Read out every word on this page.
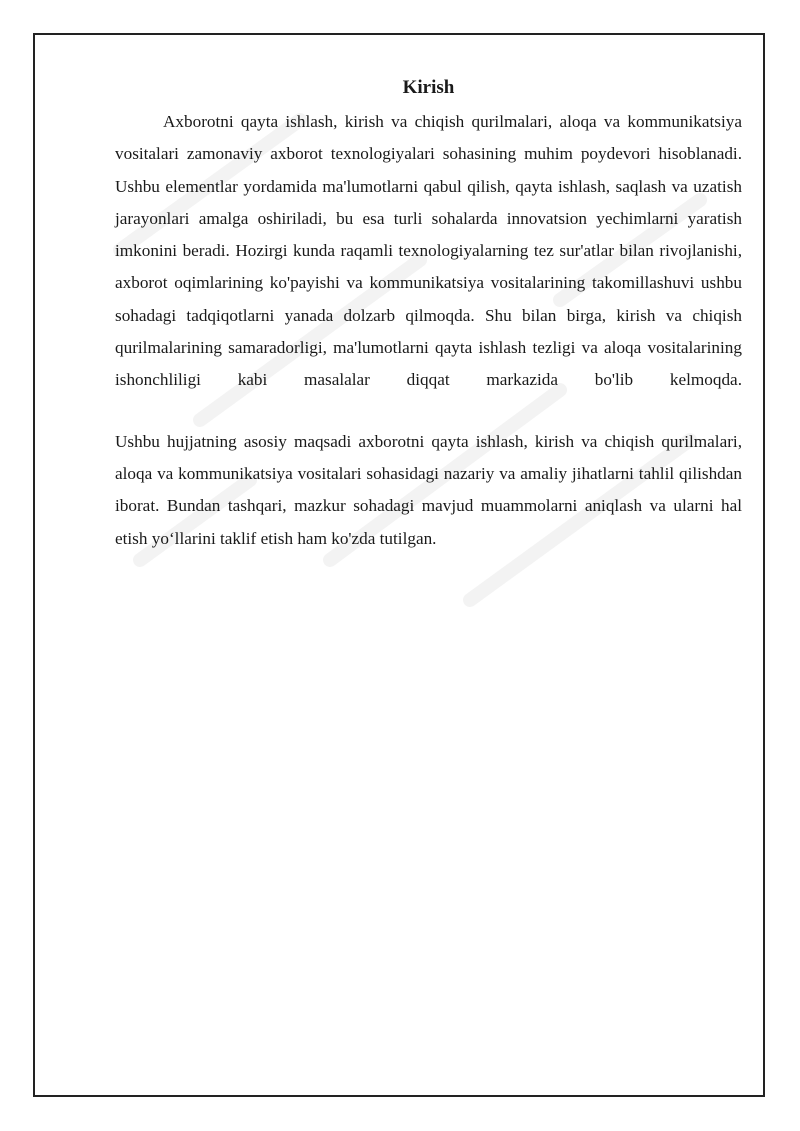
Kirish

Axborotni qayta ishlash, kirish va chiqish qurilmalari, aloqa va kommunikatsiya vositalari zamonaviy axborot texnologiyalari sohasining muhim poydevori hisoblanadi. Ushbu elementlar yordamida ma'lumotlarni qabul qilish, qayta ishlash, saqlash va uzatish jarayonlari amalga oshiriladi, bu esa turli sohalarda innovatsion yechimlarni yaratish imkonini beradi. Hozirgi kunda raqamli texnologiyalarning tez sur'atlar bilan rivojlanishi, axborot oqimlarining ko'payishi va kommunikatsiya vositalarining takomillashuvi ushbu sohadagi tadqiqotlarni yanada dolzarb qilmoqda. Shu bilan birga, kirish va chiqish qurilmalarining samaradorligi, ma'lumotlarni qayta ishlash tezligi va aloqa vositalarining ishonchliligi kabi masalalar diqqat markazida bo'lib kelmoqda.

Ushbu hujjatning asosiy maqsadi axborotni qayta ishlash, kirish va chiqish qurilmalari, aloqa va kommunikatsiya vositalari sohasidagi nazariy va amaliy jihatlarni tahlil qilishdan iborat. Bundan tashqari, mazkur sohadagi mavjud muammolarni aniqlash va ularni hal etish yo‘llarini taklif etish ham ko'zda tutilgan.
